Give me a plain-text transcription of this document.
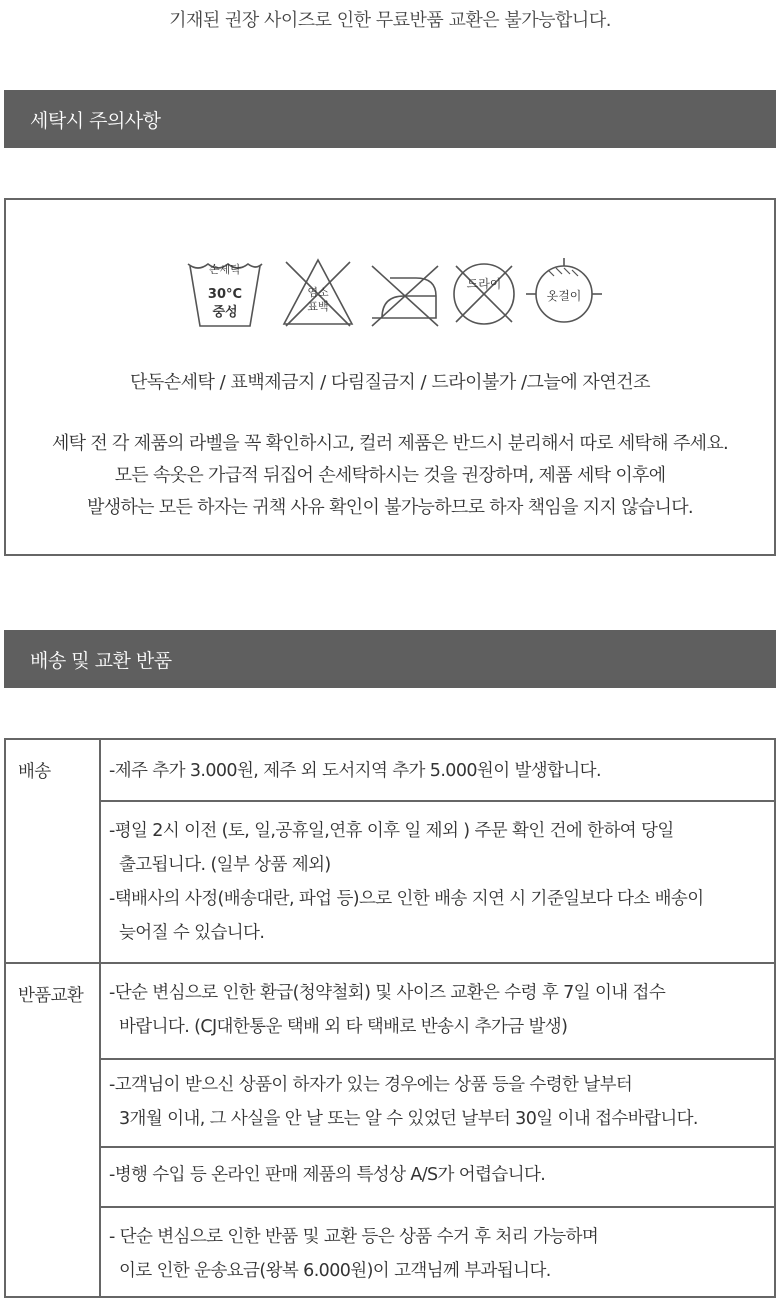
기재된 권장 사이즈로 인한 무료반품 교환은 불가능합니다.
세탁시 주의사항
손세탁
30°C
중성
염소
표백
드라이
옷걸이
단독손세탁 / 표백제금지 / 다림질금지 / 드라이불가 /그늘에 자연건조
세탁 전 각 제품의 라벨을 꼭 확인하시고, 컬러 제품은 반드시 분리해서 따로 세탁해 주세요.
모든 속옷은 가급적 뒤집어 손세탁하시는 것을 권장하며, 제품 세탁 이후에
발생하는 모든 하자는 귀책 사유 확인이 불가능하므로 하자 책임을 지지 않습니다.
배송 및 교환 반품
배송	-제주 추가 3.000원, 제주 외 도서지역 추가 5.000원이 발생합니다.

	-평일 2시 이전 (토, 일,공휴일,연휴 이후 일 제외 ) 주문 확인 건에 한하여 당일
출고됩니다. (일부 상품 제외)
-택배사의 사정(배송대란, 파업 등)으로 인한 배송 지연 시 기준일보다 다소 배송이
늦어질 수 있습니다.

반품교환	-단순 변심으로 인한 환급(청약철회) 및 사이즈 교환은 수령 후 7일 이내 접수
바랍니다. (CJ대한통운 택배 외 타 택배로 반송시 추가금 발생)

	-고객님이 받으신 상품이 하자가 있는 경우에는 상품 등을 수령한 날부터
3개월 이내, 그 사실을 안 날 또는 알 수 있었던 날부터 30일 이내 접수바랍니다.

	-병행 수입 등 온라인 판매 제품의 특성상 A/S가 어렵습니다.

	- 단순 변심으로 인한 반품 및 교환 등은 상품 수거 후 처리 가능하며
이로 인한 운송요금(왕복 6.000원)이 고객님께 부과됩니다.
